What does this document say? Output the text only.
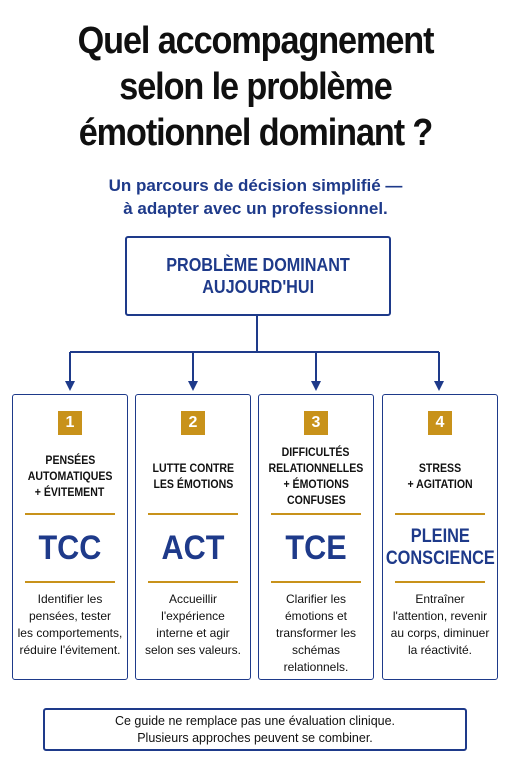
Quel accompagnement
selon le problème
émotionnel dominant ?
Un parcours de décision simplifié —
à adapter avec un professionnel.
PROBLÈME DOMINANT
AUJOURD'HUI
1
PENSÉES
AUTOMATIQUES
+ ÉVITEMENT
TCC
Identifier les
pensées, tester
les comportements,
réduire l'évitement.
2
LUTTE CONTRE
LES ÉMOTIONS
ACT
Accueillir
l'expérience
interne et agir
selon ses valeurs.
3
DIFFICULTÉS
RELATIONNELLES
+ ÉMOTIONS
CONFUSES
TCE
Clarifier les
émotions et
transformer les
schémas
relationnels.
4
STRESS
+ AGITATION
PLEINE
CONSCIENCE
Entraîner
l'attention, revenir
au corps, diminuer
la réactivité.
Ce guide ne remplace pas une évaluation clinique.
Plusieurs approches peuvent se combiner.
